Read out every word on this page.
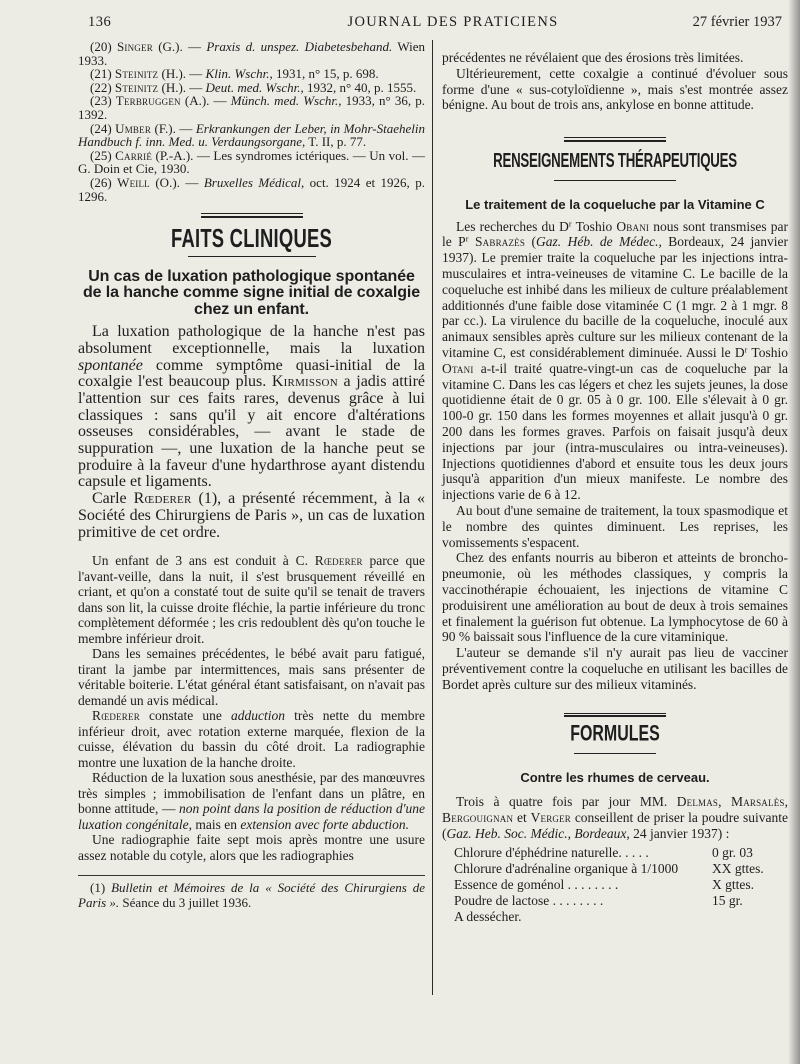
136	JOURNAL DES PRATICIENS	27 février 1937

(20) Singer (G.). — Praxis d. unspez. Diabetesbehand. Wien 1933.

(21) Steinitz (H.). — Klin. Wschr., 1931, n° 15, p. 698.

(22) Steinitz (H.). — Deut. med. Wschr., 1932, n° 40, p. 1555.

(23) Terbruggen (A.). — Münch. med. Wschr., 1933, n° 36, p. 1392.

(24) Umber (F.). — Erkrankungen der Leber, in Mohr-Staehelin Handbuch f. inn. Med. u. Verdaungsorgane, T. II, p. 77.

(25) Carrié (P.-A.). — Les syndromes ictériques. — Un vol. — G. Doin et Cie, 1930.

(26) Weill (O.). — Bruxelles Médical, oct. 1924 et 1926, p. 1296.

FAITS CLINIQUES
Un cas de luxation pathologique spontanée de la hanche comme signe initial de coxalgie chez un enfant.

La luxation pathologique de la hanche n'est pas absolument exceptionnelle, mais la luxation spontanée comme symptôme quasi-initial de la coxalgie l'est beaucoup plus. Kirmisson a jadis attiré l'attention sur ces faits rares, devenus grâce à lui classiques : sans qu'il y ait encore d'altérations osseuses considérables, — avant le stade de suppuration —, une luxation de la hanche peut se produire à la faveur d'une hydarthrose ayant distendu capsule et ligaments.

Carle Rœderer (1), a présenté récemment, à la « Société des Chirurgiens de Paris », un cas de luxation primitive de cet ordre.

Un enfant de 3 ans est conduit à C. Rœderer parce que l'avant-veille, dans la nuit, il s'est brusquement réveillé en criant, et qu'on a constaté tout de suite qu'il se tenait de travers dans son lit, la cuisse droite fléchie, la partie inférieure du tronc complètement déformée ; les cris redoublent dès qu'on touche le membre inférieur droit.

Dans les semaines précédentes, le bébé avait paru fatigué, tirant la jambe par intermittences, mais sans présenter de véritable boiterie. L'état général étant satisfaisant, on n'avait pas demandé un avis médical.

Rœderer constate une adduction très nette du membre inférieur droit, avec rotation externe marquée, flexion de la cuisse, élévation du bassin du côté droit. La radiographie montre une luxation de la hanche droite.

Réduction de la luxation sous anesthésie, par des manœuvres très simples ; immobilisation de l'enfant dans un plâtre, en bonne attitude, — non point dans la position de réduction d'une luxation congénitale, mais en extension avec forte abduction.

Une radiographie faite sept mois après montre une usure assez notable du cotyle, alors que les radiographies

(1) Bulletin et Mémoires de la « Société des Chirurgiens de Paris ». Séance du 3 juillet 1936.

précédentes ne révélaient que des érosions très limitées.

Ultérieurement, cette coxalgie a continué d'évoluer sous forme d'une « sus-cotyloïdienne », mais s'est montrée assez bénigne. Au bout de trois ans, ankylose en bonne attitude.

RENSEIGNEMENTS THÉRAPEUTIQUES
Le traitement de la coqueluche par la Vitamine C

Les recherches du $D^r$ Toshio Obani nous sont transmises par le $P^r$ Sabrazès (Gaz. Héb. de Médec., Bordeaux, 24 janvier 1937). Le premier traite la coqueluche par les injections intra-musculaires et intra-veineuses de vitamine C. Le bacille de la coqueluche est inhibé dans les milieux de culture préalablement additionnés d'une faible dose vitaminée C (1 mgr. 2 à 1 mgr. 8 par cc.). La virulence du bacille de la coqueluche, inoculé aux animaux sensibles après culture sur les milieux contenant de la vitamine C, est considérablement diminuée. Aussi le $D^r$ Toshio Otani a-t-il traité quatre-vingt-un cas de coqueluche par la vitamine C. Dans les cas légers et chez les sujets jeunes, la dose quotidienne était de 0 gr. 05 à 0 gr. 100. Elle s'élevait à 0 gr. 100-0 gr. 150 dans les formes moyennes et allait jusqu'à 0 gr. 200 dans les formes graves. Parfois on faisait jusqu'à deux injections par jour (intra-musculaires ou intra-veineuses). Injections quotidiennes d'abord et ensuite tous les deux jours jusqu'à apparition d'un mieux manifeste. Le nombre des injections varie de 6 à 12.

Au bout d'une semaine de traitement, la toux spasmodique et le nombre des quintes diminuent. Les reprises, les vomissements s'espacent.

Chez des enfants nourris au biberon et atteints de broncho-pneumonie, où les méthodes classiques, y compris la vaccinothérapie échouaient, les injections de vitamine C produisirent une amélioration au bout de deux à trois semaines et finalement la guérison fut obtenue. La lymphocytose de 60 à 90 % baissait sous l'influence de la cure vitaminique.

L'auteur se demande s'il n'y aurait pas lieu de vacciner préventivement contre la coqueluche en utilisant les bacilles de Bordet après culture sur des milieux vitaminés.

FORMULES
Contre les rhumes de cerveau.

Trois à quatre fois par jour MM. Delmas, Marsalès, Bergouignan et Verger conseillent de priser la poudre suivante (Gaz. Heb. Soc. Médic., Bordeaux, 24 janvier 1937) :

Chlorure d'éphédrine naturelle. . . . .	0 gr. 03
Chlorure d'adrénaline organique à 1/1000	XX gttes.
Essence de goménol . . . . . . . .	X gttes.
Poudre de lactose . . . . . . . .	15 gr.
A dessécher.
